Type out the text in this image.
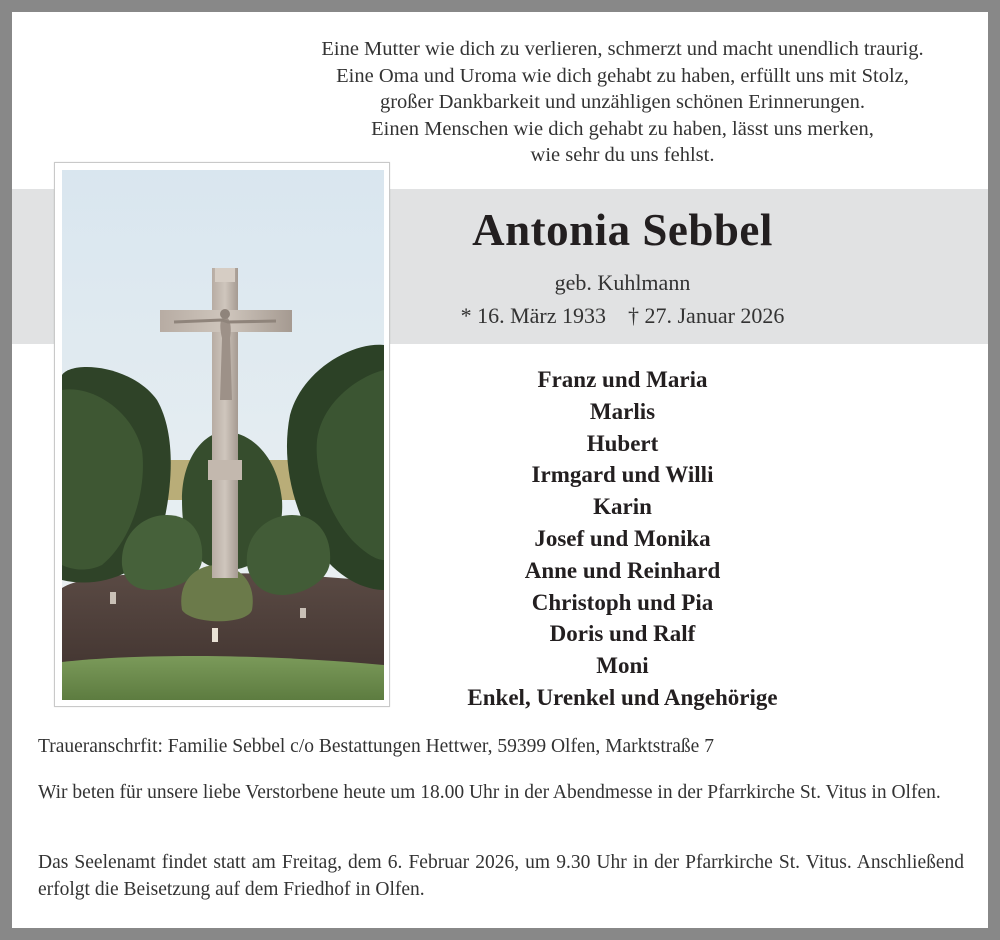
Eine Mutter wie dich zu verlieren, schmerzt und macht unendlich traurig.
Eine Oma und Uroma wie dich gehabt zu haben, erfüllt uns mit Stolz,
großer Dankbarkeit und unzähligen schönen Erinnerungen.
Einen Menschen wie dich gehabt zu haben, lässt uns merken,
wie sehr du uns fehlst.
Antonia Sebbel
geb. Kuhlmann
* 16. März 1933 † 27. Januar 2026
Franz und Maria
Marlis
Hubert
Irmgard und Willi
Karin
Josef und Monika
Anne und Reinhard
Christoph und Pia
Doris und Ralf
Moni
Enkel, Urenkel und Angehörige
Traueranschrfit: Familie Sebbel c/o Bestattungen Hettwer, 59399 Olfen, Marktstraße 7
Wir beten für unsere liebe Verstorbene heute um 18.00 Uhr in der Abendmesse in der Pfarrkirche St. Vitus in Olfen.
Das Seelenamt findet statt am Freitag, dem 6. Februar 2026, um 9.30 Uhr in der Pfarrkirche St. Vitus. Anschließend erfolgt die Beisetzung auf dem Friedhof in Olfen.
